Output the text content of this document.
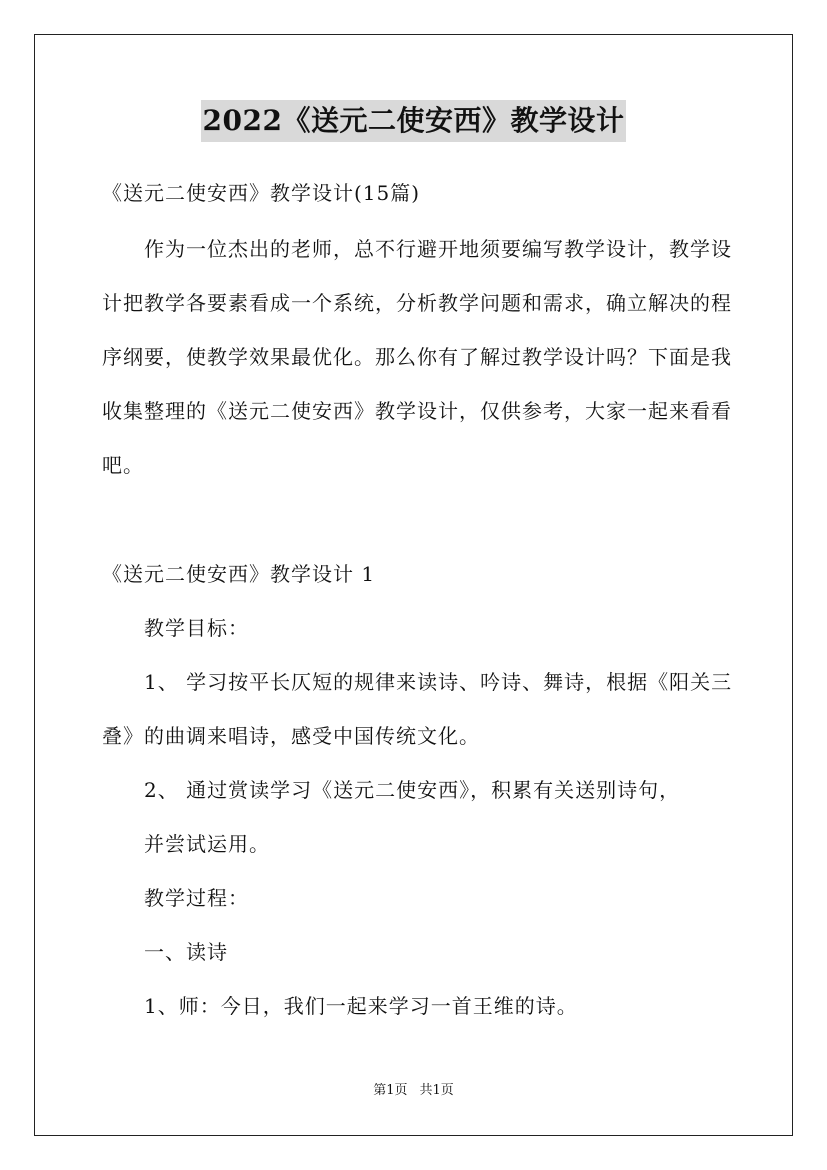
2022《送元二使安西》教学设计
《送元二使安西》教学设计(15篇)
作为一位杰出的老师，总不行避开地须要编写教学设计，教学设
计把教学各要素看成一个系统，分析教学问题和需求，确立解决的程
序纲要，使教学效果最优化。那么你有了解过教学设计吗？下面是我
收集整理的《送元二使安西》教学设计，仅供参考，大家一起来看看
吧。
《送元二使安西》教学设计 1
教学目标：
1、 学习按平长仄短的规律来读诗、吟诗、舞诗，根据《阳关三
叠》的曲调来唱诗，感受中国传统文化。
2、 通过赏读学习《送元二使安西》，积累有关送别诗句，
并尝试运用。
教学过程：
一、读诗
1、师：今日，我们一起来学习一首王维的诗。
第1页 共1页
